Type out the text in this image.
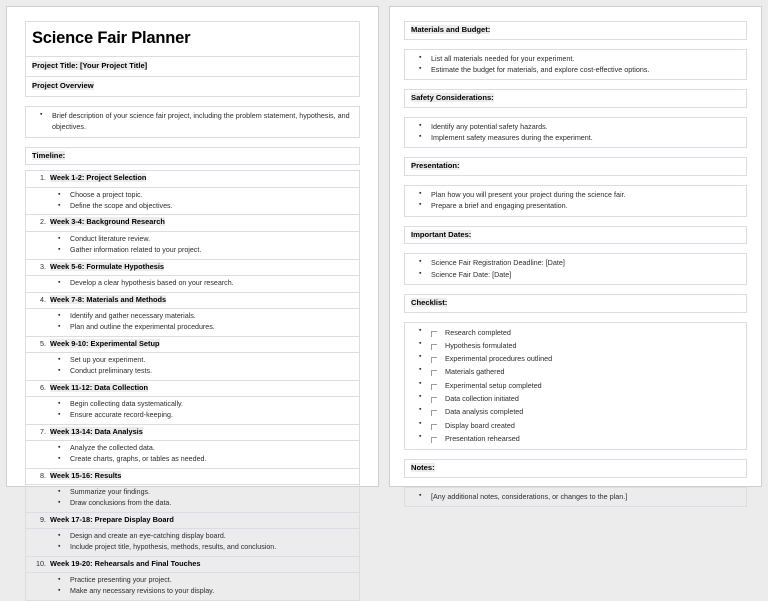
Science Fair Planner
Project Title: [Your Project Title]
Project Overview
▪
Brief description of your science fair project, including the problem statement, hypothesis, and objectives.
Timeline:
1. Week 1-2: Project Selection
▪
Choose a project topic.
▪
Define the scope and objectives.
2. Week 3-4: Background Research
▪
Conduct literature review.
▪
Gather information related to your project.
3. Week 5-6: Formulate Hypothesis
▪
Develop a clear hypothesis based on your research.
4. Week 7-8: Materials and Methods
▪
Identify and gather necessary materials.
▪
Plan and outline the experimental procedures.
5. Week 9-10: Experimental Setup
▪
Set up your experiment.
▪
Conduct preliminary tests.
6. Week 11-12: Data Collection
▪
Begin collecting data systematically.
▪
Ensure accurate record-keeping.
7. Week 13-14: Data Analysis
▪
Analyze the collected data.
▪
Create charts, graphs, or tables as needed.
8. Week 15-16: Results
▪
Summarize your findings.
▪
Draw conclusions from the data.
9. Week 17-18: Prepare Display Board
▪
Design and create an eye-catching display board.
▪
Include project title, hypothesis, methods, results, and conclusion.
10. Week 19-20: Rehearsals and Final Touches
▪
Practice presenting your project.
▪
Make any necessary revisions to your display.
Materials and Budget:
▪
List all materials needed for your experiment.
▪
Estimate the budget for materials, and explore cost-effective options.
Safety Considerations:
▪
Identify any potential safety hazards.
▪
Implement safety measures during the experiment.
Presentation:
▪
Plan how you will present your project during the science fair.
▪
Prepare a brief and engaging presentation.
Important Dates:
▪
Science Fair Registration Deadline: [Date]
▪
Science Fair Date: [Date]
Checklist:
▪
Research completed
▪
Hypothesis formulated
▪
Experimental procedures outlined
▪
Materials gathered
▪
Experimental setup completed
▪
Data collection initiated
▪
Data analysis completed
▪
Display board created
▪
Presentation rehearsed
Notes:
▪
[Any additional notes, considerations, or changes to the plan.]
